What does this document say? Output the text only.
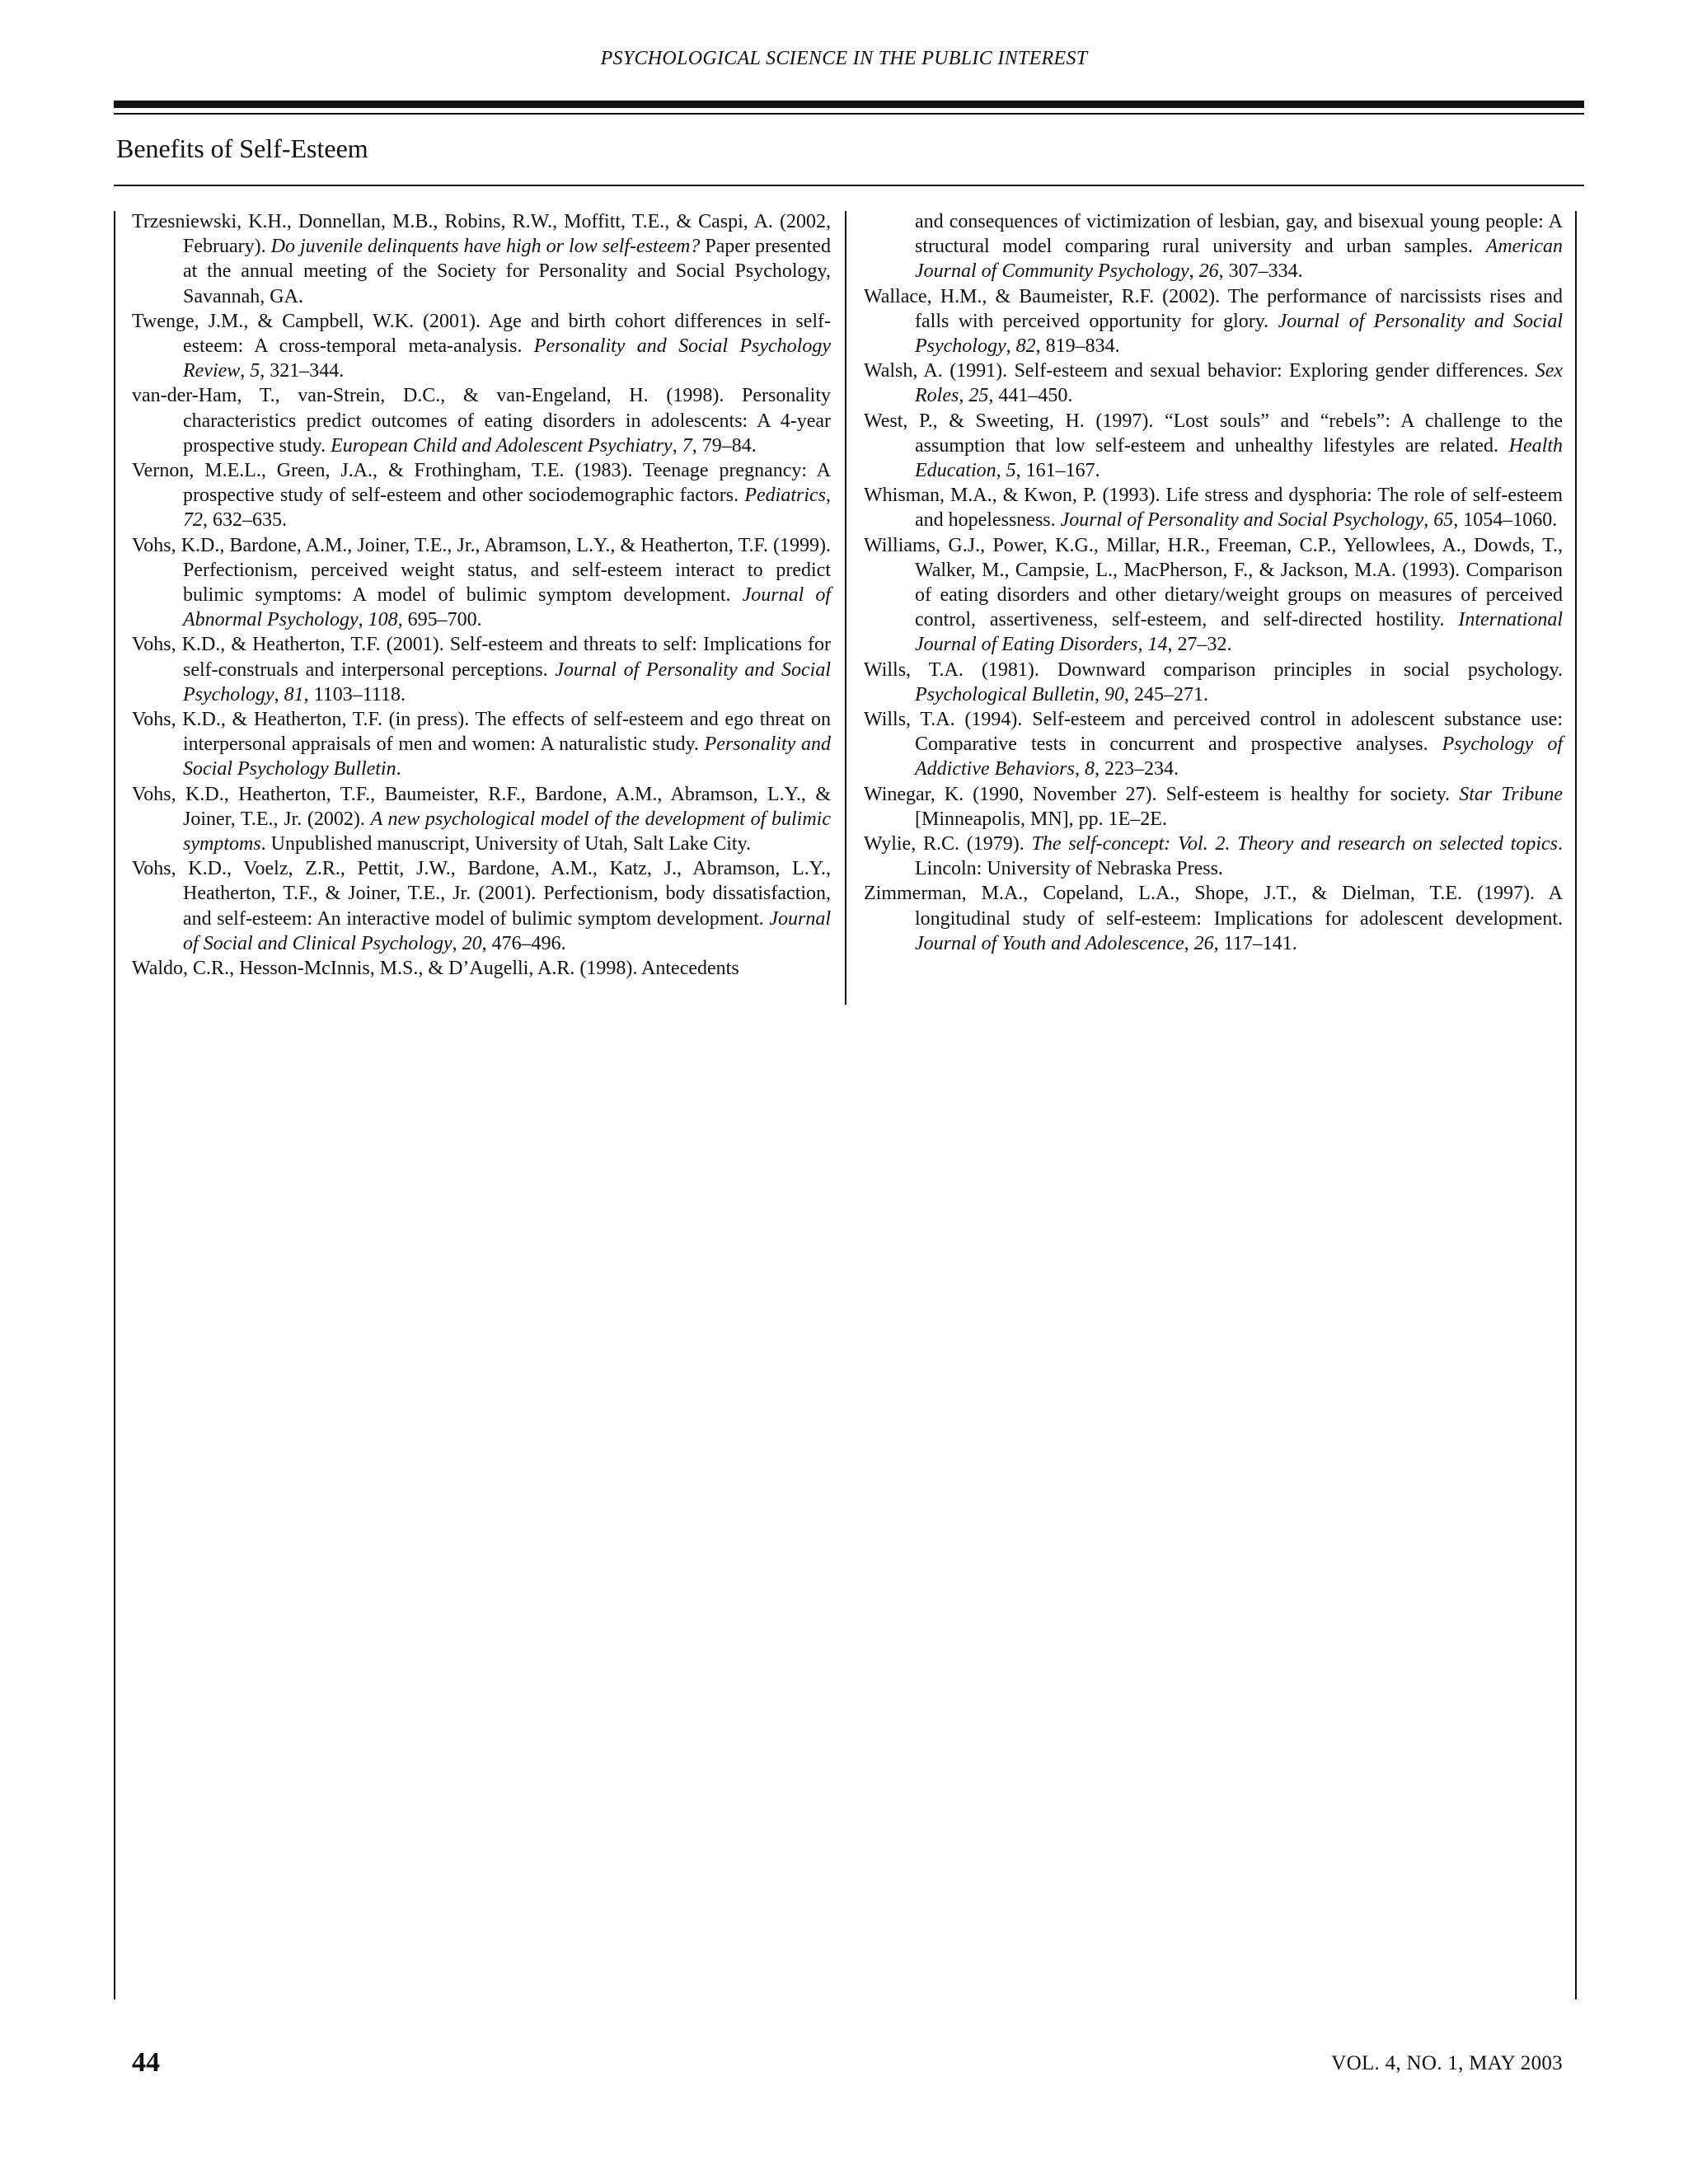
PSYCHOLOGICAL SCIENCE IN THE PUBLIC INTEREST
Benefits of Self-Esteem

Trzesniewski, K.H., Donnellan, M.B., Robins, R.W., Moffitt, T.E., & Caspi, A. (2002, February). Do juvenile delinquents have high or low self-esteem? Paper presented at the annual meeting of the Society for Personality and Social Psychology, Savannah, GA.

Twenge, J.M., & Campbell, W.K. (2001). Age and birth cohort differences in self-esteem: A cross-temporal meta-analysis. Personality and Social Psychology Review, 5, 321–344.

van-der-Ham, T., van-Strein, D.C., & van-Engeland, H. (1998). Personality characteristics predict outcomes of eating disorders in adolescents: A 4-year prospective study. European Child and Adolescent Psychiatry, 7, 79–84.

Vernon, M.E.L., Green, J.A., & Frothingham, T.E. (1983). Teenage pregnancy: A prospective study of self-esteem and other sociodemographic factors. Pediatrics, 72, 632–635.

Vohs, K.D., Bardone, A.M., Joiner, T.E., Jr., Abramson, L.Y., & Heatherton, T.F. (1999). Perfectionism, perceived weight status, and self-esteem interact to predict bulimic symptoms: A model of bulimic symptom development. Journal of Abnormal Psychology, 108, 695–700.

Vohs, K.D., & Heatherton, T.F. (2001). Self-esteem and threats to self: Implications for self-construals and interpersonal perceptions. Journal of Personality and Social Psychology, 81, 1103–1118.

Vohs, K.D., & Heatherton, T.F. (in press). The effects of self-esteem and ego threat on interpersonal appraisals of men and women: A naturalistic study. Personality and Social Psychology Bulletin.

Vohs, K.D., Heatherton, T.F., Baumeister, R.F., Bardone, A.M., Abramson, L.Y., & Joiner, T.E., Jr. (2002). A new psychological model of the development of bulimic symptoms. Unpublished manuscript, University of Utah, Salt Lake City.

Vohs, K.D., Voelz, Z.R., Pettit, J.W., Bardone, A.M., Katz, J., Abramson, L.Y., Heatherton, T.F., & Joiner, T.E., Jr. (2001). Perfectionism, body dissatisfaction, and self-esteem: An interactive model of bulimic symptom development. Journal of Social and Clinical Psychology, 20, 476–496.

Waldo, C.R., Hesson-McInnis, M.S., & D’Augelli, A.R. (1998). Antecedents

and consequences of victimization of lesbian, gay, and bisexual young people: A structural model comparing rural university and urban samples. American Journal of Community Psychology, 26, 307–334.

Wallace, H.M., & Baumeister, R.F. (2002). The performance of narcissists rises and falls with perceived opportunity for glory. Journal of Personality and Social Psychology, 82, 819–834.

Walsh, A. (1991). Self-esteem and sexual behavior: Exploring gender differences. Sex Roles, 25, 441–450.

West, P., & Sweeting, H. (1997). “Lost souls” and “rebels”: A challenge to the assumption that low self-esteem and unhealthy lifestyles are related. Health Education, 5, 161–167.

Whisman, M.A., & Kwon, P. (1993). Life stress and dysphoria: The role of self-esteem and hopelessness. Journal of Personality and Social Psychology, 65, 1054–1060.

Williams, G.J., Power, K.G., Millar, H.R., Freeman, C.P., Yellowlees, A., Dowds, T., Walker, M., Campsie, L., MacPherson, F., & Jackson, M.A. (1993). Comparison of eating disorders and other dietary/weight groups on measures of perceived control, assertiveness, self-esteem, and self-directed hostility. International Journal of Eating Disorders, 14, 27–32.

Wills, T.A. (1981). Downward comparison principles in social psychology. Psychological Bulletin, 90, 245–271.

Wills, T.A. (1994). Self-esteem and perceived control in adolescent substance use: Comparative tests in concurrent and prospective analyses. Psychology of Addictive Behaviors, 8, 223–234.

Winegar, K. (1990, November 27). Self-esteem is healthy for society. Star Tribune [Minneapolis, MN], pp. 1E–2E.

Wylie, R.C. (1979). The self-concept: Vol. 2. Theory and research on selected topics. Lincoln: University of Nebraska Press.

Zimmerman, M.A., Copeland, L.A., Shope, J.T., & Dielman, T.E. (1997). A longitudinal study of self-esteem: Implications for adolescent development. Journal of Youth and Adolescence, 26, 117–141.

44	VOL. 4, NO. 1, MAY 2003
